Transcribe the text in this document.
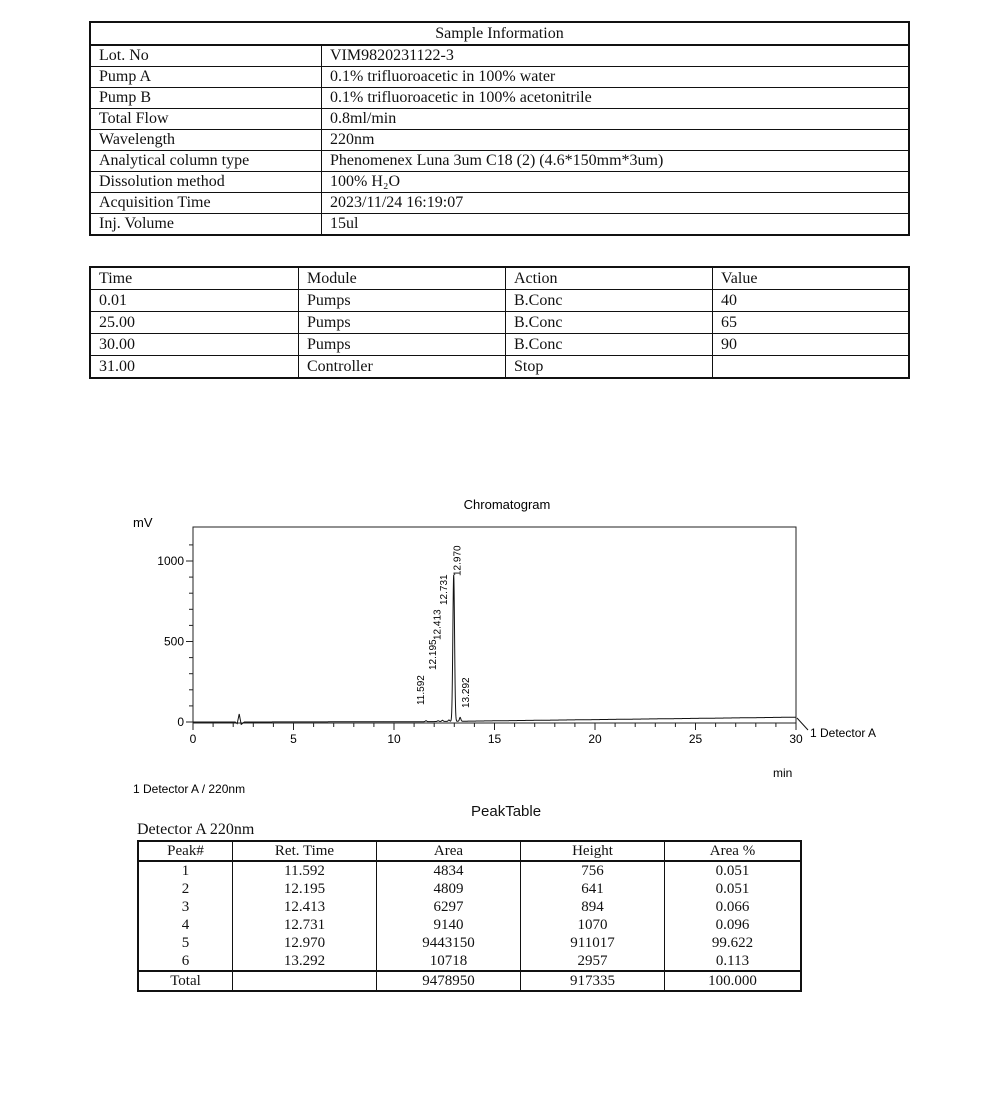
Sample Information	
Lot. No	VIM9820231122-3
Pump A	0.1% trifluoroacetic in 100% water
Pump B	0.1% trifluoroacetic in 100% acetonitrile
Total Flow	0.8ml/min
Wavelength	220nm
Analytical column type	Phenomenex Luna 3um C18 (2) (4.6*150mm*3um)
Dissolution method	100% H₂O
Acquisition Time	2023/11/24 16:19:07
Inj. Volume	15ul
Time	Module	Action	Value
0.01	Pumps	B.Conc	40
25.00	Pumps	B.Conc	65
30.00	Pumps	B.Conc	90
31.00	Controller	Stop	
Chromatogram
mV
0
500
1000
0	5	10	15	20	25	30
11.592
12.195
12.413
12.731
12.970
13.292
1 Detector A
min
1 Detector A / 220nm
PeakTable
Detector A 220nm
Peak#	Ret. Time	Area	Height	Area %
1	11.592	4834	756	0.051
2	12.195	4809	641	0.051
3	12.413	6297	894	0.066
4	12.731	9140	1070	0.096
5	12.970	9443150	911017	99.622
6	13.292	10718	2957	0.113
Total		9478950	917335	100.000
